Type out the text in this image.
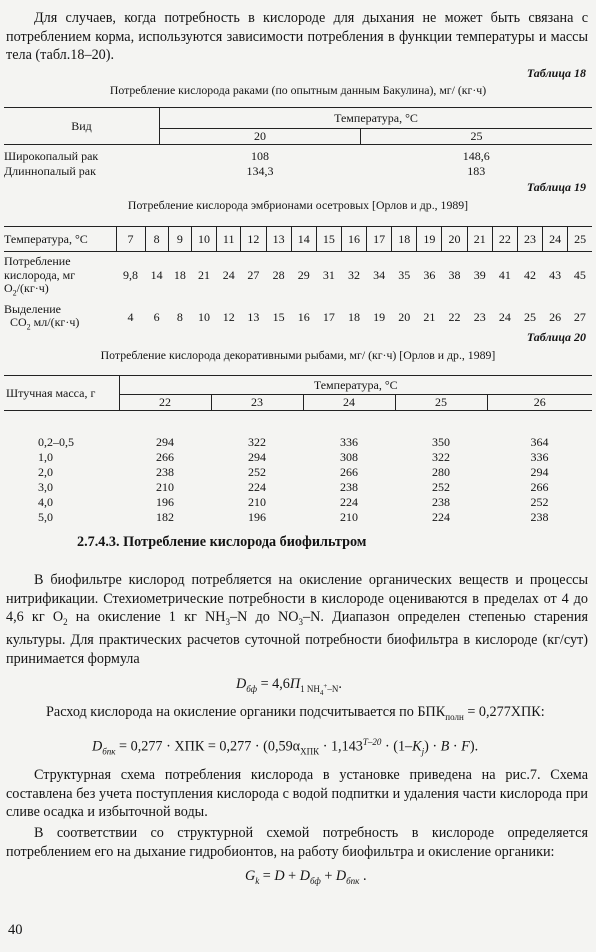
Для случаев, когда потребность в кислороде для дыхания не может быть связана с потреблением корма, используются зависимости потребления в функции температуры и массы тела (табл.18–20).
Таблица 18
Потребление кислорода раками (по опытным данным Бакулина), мг/ (кг·ч)
Вид	Температура, °С	
	20	25
Широкопалый рак	108	148,6
Длиннопалый рак	134,3	183
Таблица 19
Потребление кислорода эмбрионами осетровых [Орлов и др., 1989]
Температура, °С	7	8	9	10	11	12	13	14	15	16	17	18	19	20	21	22	23	24	25
Потребление
кислорода, мг
$O_2/(кг\cdot ч)$	9,8	14	18	21	24	27	28	29	31	32	34	35	36	38	39	41	42	43	45
Выделение
$CO_2$ мл/(кг·ч)	4	6	8	10	12	13	15	16	17	18	19	20	21	22	23	24	25	26	27
Таблица 20
Потребление кислорода декоративными рыбами, мг/ (кг·ч) [Орлов и др., 1989]
Штучная масса, г	Температура, °С				
	22	23	24	25	26

0,2–0,5	294	322	336	350	364
1,0	266	294	308	322	336
2,0	238	252	266	280	294
3,0	210	224	238	252	266
4,0	196	210	224	238	252
5,0	182	196	210	224	238
2.7.4.3. Потребление кислорода биофильтром
В биофильтре кислород потребляется на окисление органических веществ и процессы нитрификации. Стехиометрические потребности в кислороде оцениваются в пределах от 4 до 4,6 кг $O_2$ на окисление 1 кг $NH_3-N$ до $NO_3-N$. Диапазон определен степенью старения культуры. Для практических расчетов суточной потребности биофильтра в кислороде (кг/сут) принимается формула
$D_{бф} = 4,6П_{1 NH_4^+-N}$.
Расход кислорода на окисление органики подсчитывается по $БПК_{полн} = 0,277ХПК$:
$D_{бпк} = 0,277$ · ХПК = $0,277 \cdot (0,59\alpha_{ХПК} \cdot 1,143^{T-20} \cdot (1-K_j) \cdot B \cdot F)$.
Структурная схема потребления кислорода в установке приведена на рис.7. Схема составлена без учета поступления кислорода с водой подпитки и удаления части кислорода при сливе осадка и избыточной воды.
В соответствии со структурной схемой потребность в кислороде определяется потреблением его на дыхание гидробионтов, на работу биофильтра и окисление органики:
$G_k = D + D_{бф} + D_{бпк}$ .
40
